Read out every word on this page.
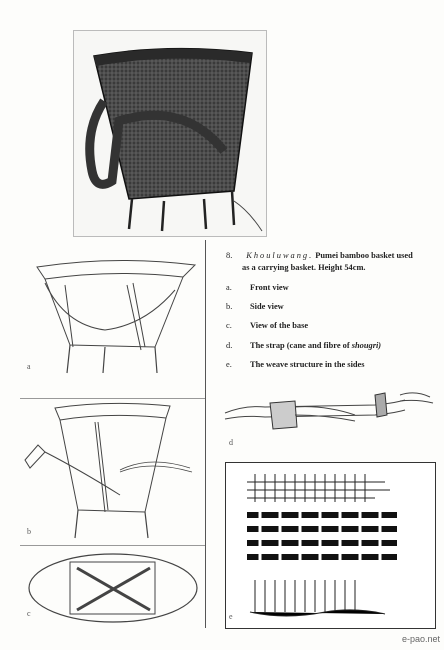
a
b
c
8. Khouluwang. Pumei bamboo basket used
as a carrying basket. Height 54cm.
a.	Front view
b.	Side view
c.	View of the base
d.	The strap (cane and fibre of shougri)
e.	The weave structure in the sides
d
e
e-pao.net
